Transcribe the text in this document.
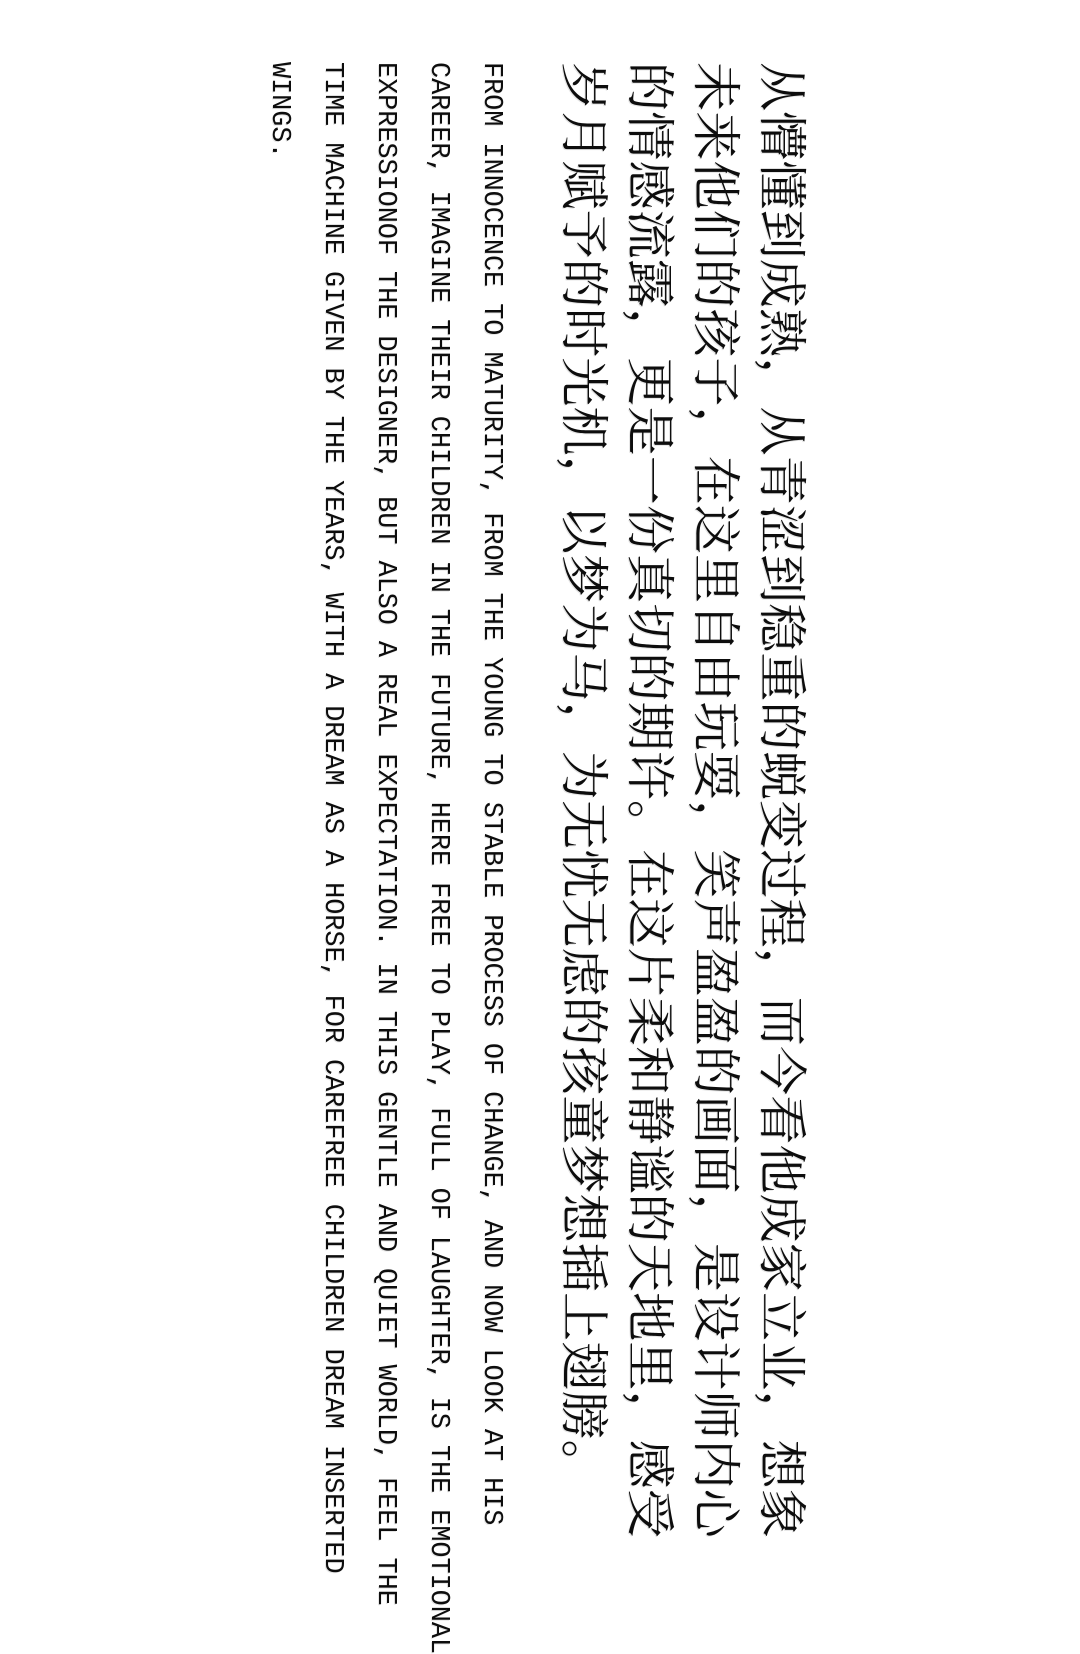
从懵懂到成熟，从青涩到稳重的蜕变过程，而今看他成家立业，想象
未来他们的孩子，在这里自由玩耍，笑声盈盈的画面，是设计师内心
的情感流露，更是一份真切的期许。在这片柔和静谧的天地里，感受
岁月赋予的时光机，以梦为马，为无忧无虑的孩童梦想插上翅膀。
FROM INNOCENCE TO MATURITY, FROM THE YOUNG TO STABLE PROCESS OF CHANGE, AND NOW LOOK AT HIS
CAREER, IMAGINE THEIR CHILDREN IN THE FUTURE, HERE FREE TO PLAY, FULL OF LAUGHTER, IS THE EMOTIONAL
EXPRESSIONOF THE DESIGNER, BUT ALSO A REAL EXPECTATION. IN THIS GENTLE AND QUIET WORLD, FEEL THE
TIME MACHINE GIVEN BY THE YEARS, WITH A DREAM AS A HORSE, FOR CAREFREE CHILDREN DREAM INSERTED
WINGS.
